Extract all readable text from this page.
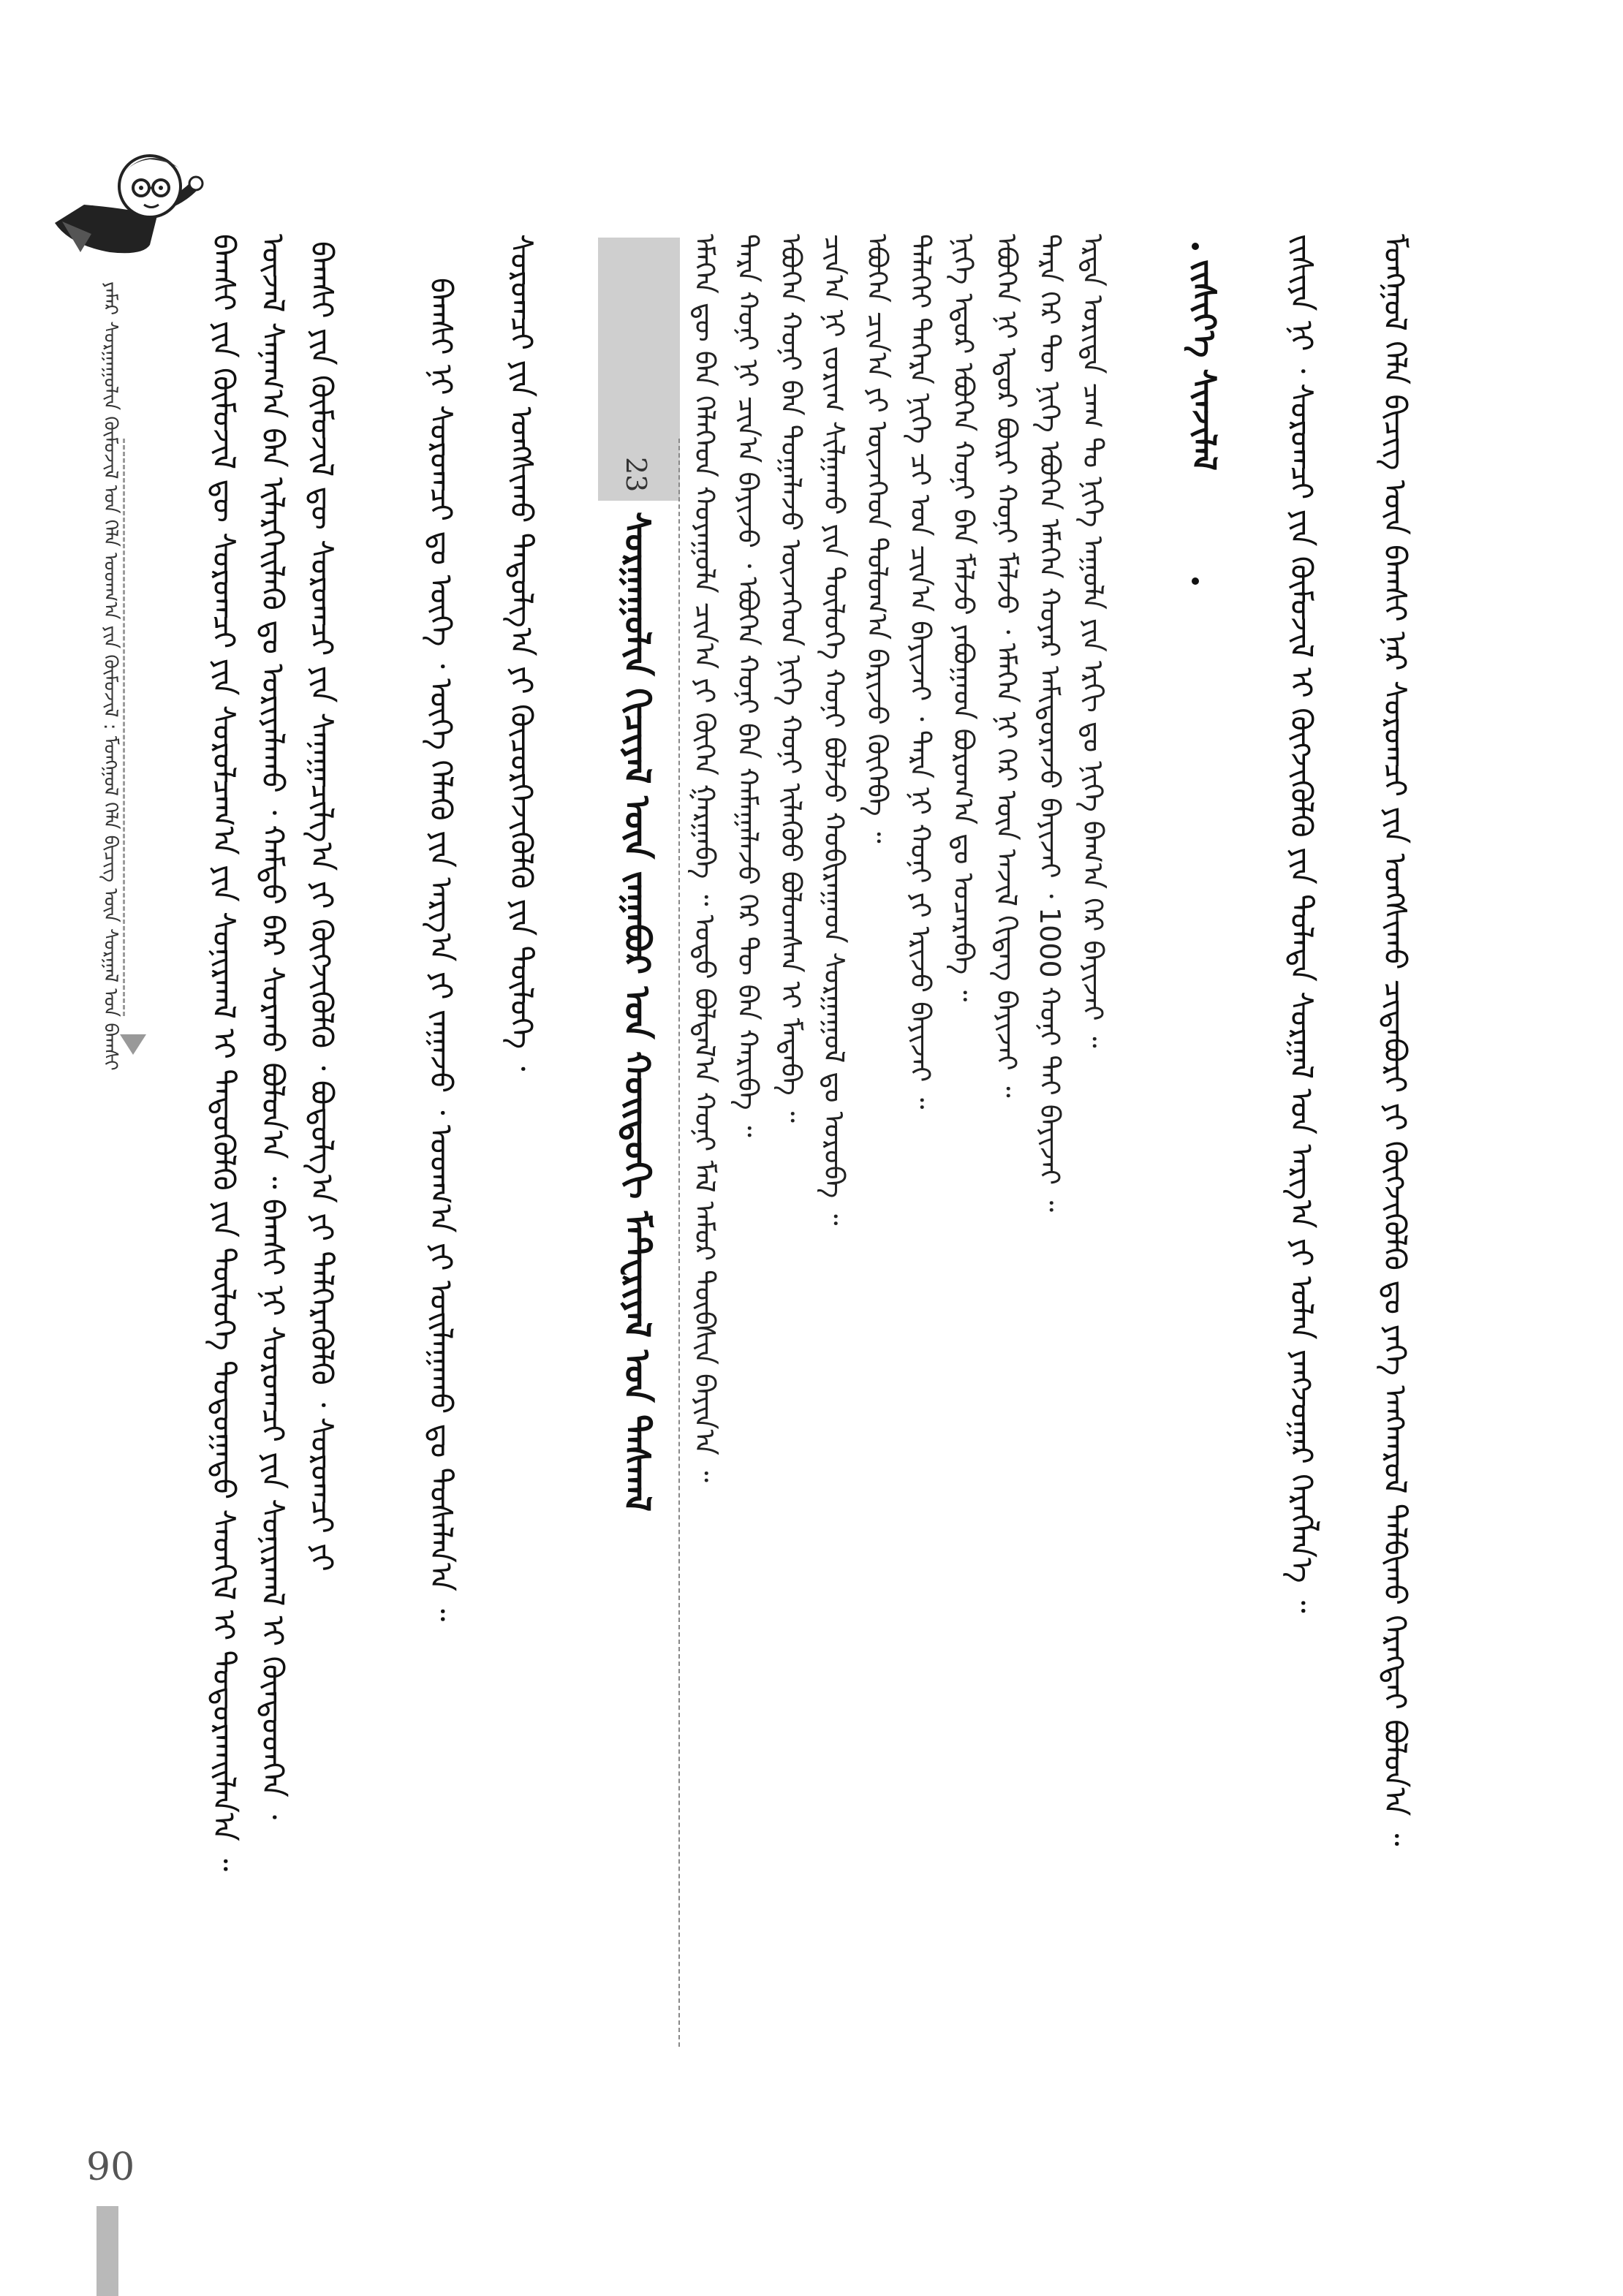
ᠶᠠᠮᠠᠷ ᠰᠤᠷᠭᠠᠭᠤᠯᠢᠨ ᠬᠦᠮᠦᠵᠢᠯ ᠤᠨ ᠬᠡᠯᠡ ᠤᠳᠬ᠎ᠠ ᠶᠢᠨ ᠬᠦᠮᠦᠵᠢᠯ : ᠮᠣᠩᠭᠣᠯ ᠬᠡᠯᠡ ᠪᠢᠴᠢᠭ᠌ ᠦᠨ ᠰᠤᠷᠭᠠᠯ ᠤᠨ ᠪᠠᠭᠰᠢ
90
ᠪᠠᠭᠰᠢ ᠶᠢᠨ ᠬᠦᠮᠦᠵᠢᠯ ᠳᠦ ᠰᠤᠷᠤᠭᠴᠢ ᠶᠢᠨ ᠰᠤᠷᠤᠯᠴᠠᠭ᠎ᠠ ᠶᠢᠨ ᠰᠣᠨᠢᠷᠬᠠᠯ ᠢ ᠳᠡᠳᠦᠭᠦᠯᠬᠦ ᠶᠢᠨ ᠲᠥᠯᠦᠭᠡ ᠳᠣᠲᠣᠭᠠᠳᠤ ᠰᠡᠳᠭᠢᠯ ᠢ ᠲᠣᠳᠣᠷᠬᠠᠢᠯᠠᠨ᠎ᠠ ᠃ ᠦᠵᠡᠯ ᠰᠠᠨᠠᠭ᠎ᠠ ᠪᠡᠨ ᠢᠯᠡᠷᠬᠡᠢᠯᠡᠬᠦ ᠳᠤ ᠤᠷᠢᠶᠠᠯᠠᠬᠤ ᠂ ᠬᠠᠮᠲᠤ ᠪᠡᠷ ᠰᠤᠷᠬᠤ ᠪᠣᠯᠤᠨ᠎ᠠ ᠃ ᠪᠠᠭᠰᠢ ᠨᠢ ᠰᠤᠷᠤᠭᠴᠢ ᠶᠢᠨ ᠰᠣᠨᠢᠷᠬᠠᠯ ᠢ ᠬᠦᠨᠳᠦᠳᠬᠡᠨ ᠂ ᠪᠠᠭᠰᠢ ᠶᠢᠨ ᠬᠦᠮᠦᠵᠢᠯ ᠳᠦ ᠰᠤᠷᠤᠭᠴᠢ ᠶᠢᠨ ᠰᠠᠨᠠᠭᠠᠴᠢᠯᠭ᠎ᠠ ᠶᠢ ᠬᠥᠭᠵᠢᠭᠦᠯᠬᠦ ᠂ ᠪᠣᠳᠤᠯᠭ᠎ᠠ ᠶᠢ ᠲᠡᠯᠭᠡᠷᠡᠭᠦᠯᠬᠦ ᠂ ᠰᠤᠷᠤᠭᠴᠢ ᠶᠢ	ᠪᠠᠭᠰᠢ ᠨᠢ ᠰᠤᠷᠤᠭᠴᠢ ᠳᠤ ᠦᠭᠡ ᠂ ᠦᠭᠡ ᠬᠡᠯᠡᠬᠦ ᠶᠢᠨ ᠠᠷᠭ᠎ᠠ ᠶᠢ ᠵᠠᠭᠠᠵᠤ ᠂ ᠤᠳᠬ᠎ᠠ ᠶᠢ ᠣᠢᠯᠠᠭᠠᠬᠤ ᠳᠤ ᠲᠤᠰᠠᠯᠠᠨ᠎ᠠ ᠃ ᠰᠤᠷᠤᠭᠴᠢ ᠶᠢᠨ ᠤᠩᠰᠢᠬᠤ ᠳᠠᠳᠤᠯᠭ᠎ᠠ ᠶᠢ ᠬᠦᠴᠦᠷᠭᠡᠵᠢᠭᠦᠯᠬᠦ ᠶᠢᠨ ᠲᠥᠯᠦᠭᠡ ᠂	23
ᠰᠤᠷᠭᠠᠭᠤᠯᠢᠨ ᠬᠢᠴᠢᠶᠡᠯ ᠦᠨ ᠵᠠᠭᠠᠪᠤᠷ ᠤᠨ ᠬᠣᠢᠳᠤᠬᠢ ᠮᠠᠲ᠋ᠧᠷᠢᠶᠠᠯ ᠤᠨ ᠳᠠᠰᠬᠠᠯ	ᠡᠮᠡᠭᠡᠨ ᠳᠦ ᠪᠠᠨ ᠬᠡᠯᠡᠭᠡᠳ ᠬᠣᠶᠠᠭᠤᠯᠠ ᠴᠢᠨ᠎ᠠ ᠶᠢ ᠬᠥᠭᠡᠨ ᠭᠠᠷᠭᠠᠪᠠ ᠃ ᠣᠳᠣ ᠪᠣᠯᠲᠠᠯ᠎ᠠ ᠬᠣᠨᠢ ᠮᠠᠯ ᠠᠮᠤᠷ ᠲᠦᠪᠰᠢᠨ ᠪᠠᠶᠢᠨ᠎ᠠ ᠃ ᠲᠡᠷᠡ ᠬᠣᠨᠢ ᠨᠢ ᠴᠢᠨ᠎ᠠ ᠪᠠᠶᠢᠵᠤ ᠂ ᠡᠪᠦᠭᠡᠨ ᠬᠣᠨᠢ ᠪᠡᠨ ᠬᠠᠮᠠᠭᠠᠯᠠᠵᠤ ᠭᠡᠷ ᠲᠦ ᠪᠠᠨ ᠬᠠᠷᠢᠪᠠ ᠃ ᠡᠪᠦᠭᠡᠨ ᠬᠣᠨᠢ ᠪᠡᠨ ᠲᠣᠭᠠᠯᠠᠵᠤ ᠦᠵᠡᠭᠡᠳ ᠨᠢᠭᠡ ᠬᠣᠨᠢ ᠢᠯᠡᠭᠦᠦ ᠪᠣᠯᠤᠭᠰᠠᠨ ᠢ ᠮᠡᠳᠡᠪᠡ ᠃ ᠴᠢᠨ᠎ᠠ ᠨᠢ ᠵᠣᠷᠢᠭ ᠰᠢᠯᠭᠠᠬᠤ ᠶᠢᠨ ᠲᠥᠯᠦᠭᠡ ᠬᠣᠨᠢ ᠪᠣᠯᠵᠤ ᠬᠤᠪᠢᠷᠠᠭᠠᠳ ᠰᠤᠷᠭᠠᠭᠤᠯ ᠳᠤ ᠣᠷᠣᠪᠠ ᠃ ᠡᠪᠦᠭᠡᠨ ᠴᠢᠨ᠎ᠠ ᠶᠢ ᠦᠵᠡᠭᠡᠳ ᠲᠤᠯᠤᠭ᠎ᠠ ᠪᠠᠷᠢᠵᠤ ᠬᠥᠭᠡᠪᠡ ᠃ ᠳᠡᠯᠡᠬᠡᠢ ᠳᠡᠭᠡᠷᠡ ᠨᠢᠭᠡ ᠴᠢ ᠤᠨ ᠴᠢᠨ᠎ᠠ ᠪᠠᠶᠢᠵᠠᠢ ᠂ ᠲᠡᠷᠡ ᠨᠢ ᠬᠣᠨᠢ ᠶᠢ ᠡᠷᠢᠵᠦ ᠪᠠᠶᠢᠵᠠᠢ ᠃ ᠨᠢᠭᠡ ᠡᠳᠦᠷ ᠡᠪᠦᠭᠡᠨ ᠬᠣᠨᠢ ᠪᠡᠨ ᠮᠠᠯᠵᠤ ᠶᠠᠪᠤᠭᠠᠳ ᠪᠣᠷᠣᠭ᠎ᠠ ᠳᠤ ᠤᠴᠠᠷᠠᠪᠠ ᠃ ᠡᠪᠦᠭᠡᠨ ᠨᠢ ᠡᠳᠦᠷ ᠪᠦᠷᠢ ᠬᠣᠨᠢ ᠮᠠᠯᠵᠤ ᠂ ᠡᠮᠡᠭᠡᠨ ᠨᠢ ᠭᠡᠷ ᠦᠨ ᠠᠵᠢᠯ ᠬᠢᠳᠡᠭ ᠪᠠᠶᠢᠵᠠᠢ ᠃ ᠲᠡᠷᠡ ᠭᠡᠷ ᠲᠦ ᠨᠢᠭᠡ ᠡᠪᠦᠭᠡᠨ ᠡᠮᠡᠭᠡᠨ ᠬᠣᠶᠠᠷ ᠠᠮᠢᠳᠤᠷᠠᠵᠤ ᠪᠠᠶᠢᠵᠠᠢ ᠂ 1000 ᠬᠣᠨᠢ ᠲᠡᠢ ᠪᠠᠶᠢᠵᠠᠢ ᠃ ᠡᠷᠲᠡ ᠤᠷᠢᠳᠠ ᠴᠠᠭ ᠲᠤ ᠨᠢᠭᠡ ᠠᠭᠤᠯᠠ ᠶᠢᠨ ᠡᠷᠬᠢ ᠳᠤ ᠨᠢᠭᠡ ᠪᠠᠭ᠎ᠠ ᠭᠡᠷ ᠪᠠᠶᠢᠵᠠᠢ ᠃ ᠵᠢᠱᠢᠶ᠎ᠡ ᠰᠢᠨᠵᠢᠯᠡᠯ ᠵᠢᠱᠢᠶᠡ ᠨᠢ ᠂ ᠰᠤᠷᠤᠭᠴᠢ ᠶᠢᠨ ᠬᠥᠮᠦᠵᠢᠯ ᠢ ᠬᠥᠭᠵᠢᠭᠦᠯᠬᠦ ᠶᠢᠨ ᠲᠤᠯᠠᠳᠠ ᠰᠤᠷᠭᠠᠯ ᠤᠨ ᠠᠷᠭ᠎ᠠ ᠶᠢ ᠣᠯᠠᠨ ᠶᠠᠩᠵᠤᠭᠠᠷ ᠬᠡᠷᠡᠭᠯᠡᠨ᠎ᠡ ᠃ ᠮᠣᠩᠭᠣᠯ ᠬᠡᠯᠡ ᠪᠢᠴᠢᠭ᠌ ᠦᠨ ᠪᠠᠭᠰᠢ ᠨᠠᠷ ᠰᠤᠷᠤᠭᠴᠢ ᠶᠢᠨ ᠤᠩᠰᠢᠬᠤ ᠴᠢᠳᠠᠪᠤᠷᠢ ᠶᠢ ᠬᠥᠭᠵᠢᠭᠦᠯᠬᠦ ᠳᠤ ᠶᠡᠬᠡ ᠠᠩᠬᠠᠷᠤᠯ ᠲᠠᠯᠪᠢᠬᠤ ᠬᠡᠷᠡᠭᠲᠡᠢ ᠪᠣᠯᠤᠨ᠎ᠠ ᠃
